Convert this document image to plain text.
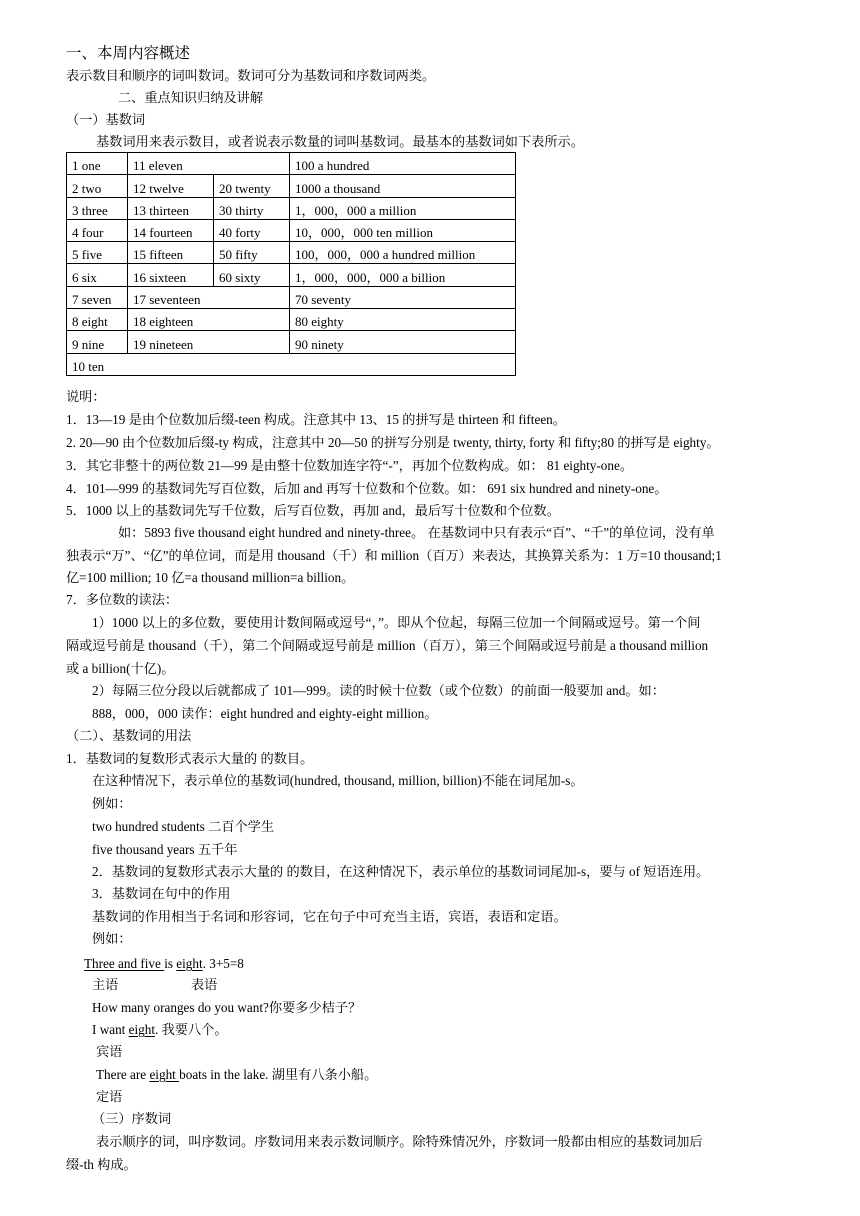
一、本周内容概述
表示数目和顺序的词叫数词。数词可分为基数词和序数词两类。
二、重点知识归纳及讲解
（一）基数词
基数词用来表示数目，或者说表示数量的词叫基数词。最基本的基数词如下表所示。
1 one	11 eleven		100 a hundred
2 two	12 twelve	20 twenty	1000 a thousand
3 three	13 thirteen	30 thirty	1，000，000 a million
4 four	14 fourteen	40 forty	10，000，000 ten million
5 five	15 fifteen	50 fifty	100，000，000 a hundred million
6 six	16 sixteen	60 sixty	1，000，000，000 a billion
7 seven	17 seventeen		70 seventy
8 eight	18 eighteen		80 eighty
9 nine	19 nineteen		90 ninety
10 ten			
说明：
1．13—19 是由个位数加后缀-teen 构成。注意其中 13、15 的拼写是 thirteen 和 fifteen。
2. 20—90 由个位数加后缀-ty 构成，注意其中 20—50 的拼写分别是 twenty, thirty, forty 和 fifty;80 的拼写是 eighty。
3．其它非整十的两位数 21—99 是由整十位数加连字符“-”，再加个位数构成。如： 81 eighty-one。
4．101—999 的基数词先写百位数，后加 and 再写十位数和个位数。如： 691 six hundred and ninety-one。
5．1000 以上的基数词先写千位数，后写百位数，再加 and，最后写十位数和个位数。
如：5893 five thousand eight hundred and ninety-three。 在基数词中只有表示“百”、“千”的单位词，没有单
独表示“万”、“亿”的单位词，而是用 thousand（千）和 million（百万）来表达，其换算关系为：1 万=10 thousand;1
亿=100 million; 10 亿=a thousand million=a billion。
7．多位数的读法：
1）1000 以上的多位数，要使用计数间隔或逗号“，”。即从个位起，每隔三位加一个间隔或逗号。第一个间
隔或逗号前是 thousand（千），第二个间隔或逗号前是 million（百万），第三个间隔或逗号前是 a thousand million
或 a billion(十亿)。
2）每隔三位分段以后就都成了 101—999。读的时候十位数（或个位数）的前面一般要加 and。如：
888，000，000 读作：eight hundred and eighty-eight million。
（二）、基数词的用法
1．基数词的复数形式表示大量的 的数目。
在这种情况下，表示单位的基数词(hundred, thousand, million, billion)不能在词尾加-s。
例如：
two hundred students 二百个学生
five thousand years 五千年
2．基数词的复数形式表示大量的 的数目，在这种情况下，表示单位的基数词词尾加-s，要与 of 短语连用。
3．基数词在句中的作用
基数词的作用相当于名词和形容词，它在句子中可充当主语，宾语，表语和定语。
例如：
Three and five is eight. 3+5=8
主语	表语
How many oranges do you want?你要多少桔子？
I want eight. 我要八个。
宾语
There are eight boats in the lake. 湖里有八条小船。
定语
（三）序数词
表示顺序的词，叫序数词。序数词用来表示数词顺序。除特殊情况外，序数词一般都由相应的基数词加后
缀-th 构成。
